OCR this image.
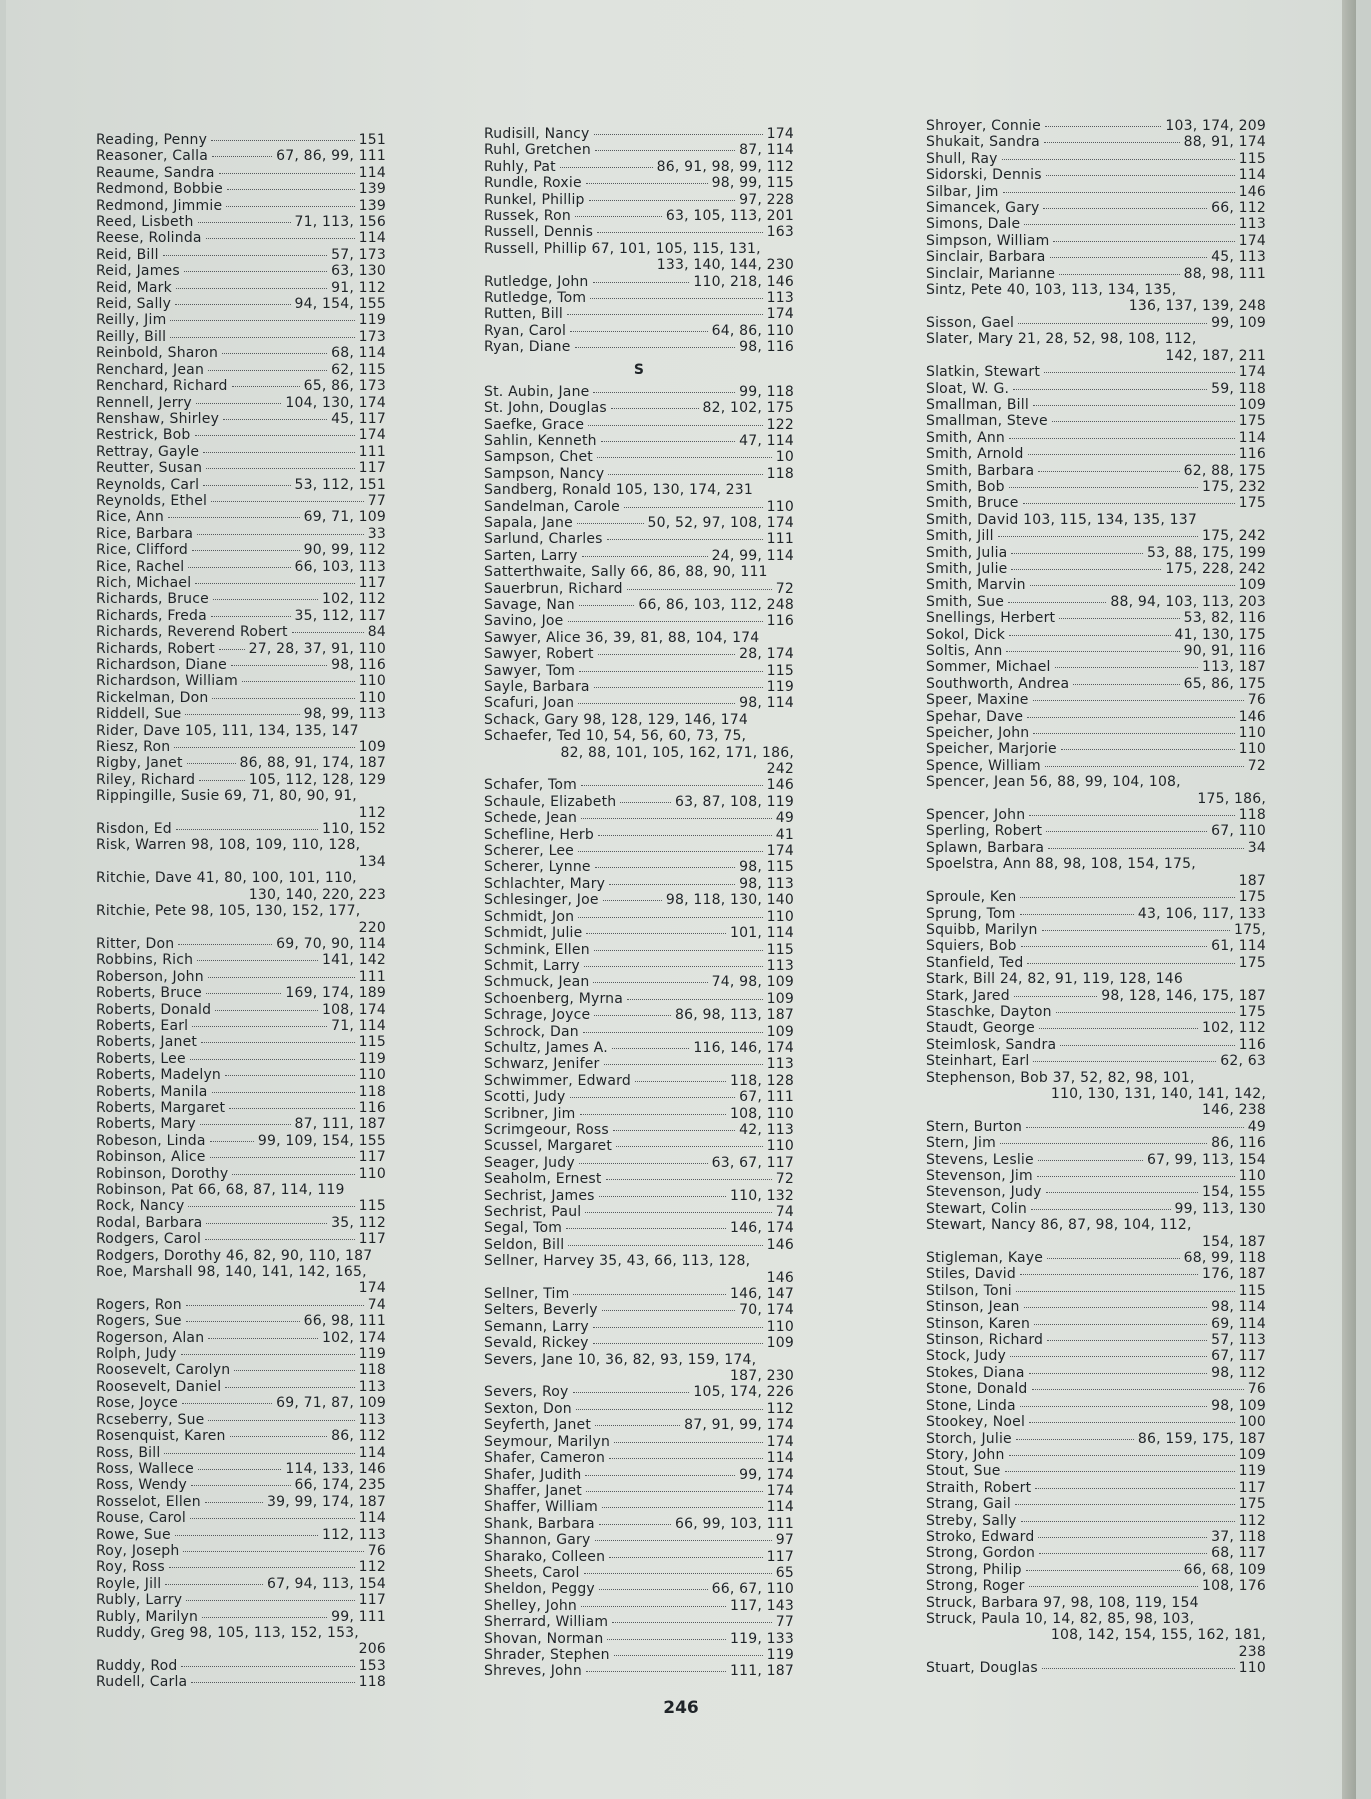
Reading, Penny	151
Reasoner, Calla	67, 86, 99, 111
Reaume, Sandra	114
Redmond, Bobbie	139
Redmond, Jimmie	139
Reed, Lisbeth	71, 113, 156
Reese, Rolinda	114
Reid, Bill	57, 173
Reid, James	63, 130
Reid, Mark	91, 112
Reid, Sally	94, 154, 155
Reilly, Jim	119
Reilly, Bill	173
Reinbold, Sharon	68, 114
Renchard, Jean	62, 115
Renchard, Richard	65, 86, 173
Rennell, Jerry	104, 130, 174
Renshaw, Shirley	45, 117
Restrick, Bob	174
Rettray, Gayle	111
Reutter, Susan	117
Reynolds, Carl	53, 112, 151
Reynolds, Ethel	77
Rice, Ann	69, 71, 109
Rice, Barbara	33
Rice, Clifford	90, 99, 112
Rice, Rachel	66, 103, 113
Rich, Michael	117
Richards, Bruce	102, 112
Richards, Freda	35, 112, 117
Richards, Reverend Robert	84
Richards, Robert 27, 28, 37, 91, 110
Richardson, Diane	98, 116
Richardson, William	110
Rickelman, Don	110
Riddell, Sue	98, 99, 113
Rider, Dave 105, 111, 134, 135, 147
Riesz, Ron	109
Rigby, Janet	86, 88, 91, 174, 187
Riley, Richard	105, 112, 128, 129
Rippingille, Susie 69, 71, 80, 90, 91,
112
Risdon, Ed	110, 152
Risk, Warren 98, 108, 109, 110, 128,
134
Ritchie, Dave 41, 80, 100, 101, 110,
130, 140, 220, 223
Ritchie, Pete 98, 105, 130, 152, 177,
220
Ritter, Don	69, 70, 90, 114
Robbins, Rich	141, 142
Roberson, John	111
Roberts, Bruce	169, 174, 189
Roberts, Donald	108, 174
Roberts, Earl	71, 114
Roberts, Janet	115
Roberts, Lee	119
Roberts, Madelyn	110
Roberts, Manila	118
Roberts, Margaret	116
Roberts, Mary	87, 111, 187
Robeson, Linda	99, 109, 154, 155
Robinson, Alice	117
Robinson, Dorothy	110
Robinson, Pat 66, 68, 87, 114, 119
Rock, Nancy	115
Rodal, Barbara	35, 112
Rodgers, Carol	117
Rodgers, Dorothy 46, 82, 90, 110, 187
Roe, Marshall 98, 140, 141, 142, 165,
174
Rogers, Ron	74
Rogers, Sue	66, 98, 111
Rogerson, Alan	102, 174
Rolph, Judy	119
Roosevelt, Carolyn	118
Roosevelt, Daniel	113
Rose, Joyce	69, 71, 87, 109
Rcseberry, Sue	113
Rosenquist, Karen	86, 112
Ross, Bill	114
Ross, Wallece	114, 133, 146
Ross, Wendy	66, 174, 235
Rosselot, Ellen	39, 99, 174, 187
Rouse, Carol	114
Rowe, Sue	112, 113
Roy, Joseph	76
Roy, Ross	112
Royle, Jill	67, 94, 113, 154
Rubly, Larry	117
Rubly, Marilyn	99, 111
Ruddy, Greg 98, 105, 113, 152, 153,
206
Ruddy, Rod	153
Rudell, Carla	118
Rudisill, Nancy	174
Ruhl, Gretchen	87, 114
Ruhly, Pat	86, 91, 98, 99, 112
Rundle, Roxie	98, 99, 115
Runkel, Phillip	97, 228
Russek, Ron	63, 105, 113, 201
Russell, Dennis	163
Russell, Phillip 67, 101, 105, 115, 131,
133, 140, 144, 230
Rutledge, John	110, 218, 146
Rutledge, Tom	113
Rutten, Bill	174
Ryan, Carol	64, 86, 110
Ryan, Diane	98, 116
S
St. Aubin, Jane	99, 118
St. John, Douglas	82, 102, 175
Saefke, Grace	122
Sahlin, Kenneth	47, 114
Sampson, Chet	10
Sampson, Nancy	118
Sandberg, Ronald 105, 130, 174, 231
Sandelman, Carole	110
Sapala, Jane	50, 52, 97, 108, 174
Sarlund, Charles	111
Sarten, Larry	24, 99, 114
Satterthwaite, Sally 66, 86, 88, 90, 111
Sauerbrun, Richard	72
Savage, Nan	66, 86, 103, 112, 248
Savino, Joe	116
Sawyer, Alice 36, 39, 81, 88, 104, 174
Sawyer, Robert	28, 174
Sawyer, Tom	115
Sayle, Barbara	119
Scafuri, Joan	98, 114
Schack, Gary 98, 128, 129, 146, 174
Schaefer, Ted 10, 54, 56, 60, 73, 75,
82, 88, 101, 105, 162, 171, 186,
242
Schafer, Tom	146
Schaule, Elizabeth	63, 87, 108, 119
Schede, Jean	49
Schefline, Herb	41
Scherer, Lee	174
Scherer, Lynne	98, 115
Schlachter, Mary	98, 113
Schlesinger, Joe	98, 118, 130, 140
Schmidt, Jon	110
Schmidt, Julie	101, 114
Schmink, Ellen	115
Schmit, Larry	113
Schmuck, Jean	74, 98, 109
Schoenberg, Myrna	109
Schrage, Joyce	86, 98, 113, 187
Schrock, Dan	109
Schultz, James A.	116, 146, 174
Schwarz, Jenifer	113
Schwimmer, Edward	118, 128
Scotti, Judy	67, 111
Scribner, Jim	108, 110
Scrimgeour, Ross	42, 113
Scussel, Margaret	110
Seager, Judy	63, 67, 117
Seaholm, Ernest	72
Sechrist, James	110, 132
Sechrist, Paul	74
Segal, Tom	146, 174
Seldon, Bill	146
Sellner, Harvey 35, 43, 66, 113, 128,
146
Sellner, Tim	146, 147
Selters, Beverly	70, 174
Semann, Larry	110
Sevald, Rickey	109
Severs, Jane 10, 36, 82, 93, 159, 174,
187, 230
Severs, Roy	105, 174, 226
Sexton, Don	112
Seyferth, Janet	87, 91, 99, 174
Seymour, Marilyn	174
Shafer, Cameron	114
Shafer, Judith	99, 174
Shaffer, Janet	174
Shaffer, William	114
Shank, Barbara	66, 99, 103, 111
Shannon, Gary	97
Sharako, Colleen	117
Sheets, Carol	65
Sheldon, Peggy	66, 67, 110
Shelley, John	117, 143
Sherrard, William	77
Shovan, Norman	119, 133
Shrader, Stephen	119
Shreves, John	111, 187
Shroyer, Connie	103, 174, 209
Shukait, Sandra	88, 91, 174
Shull, Ray	115
Sidorski, Dennis	114
Silbar, Jim	146
Simancek, Gary	66, 112
Simons, Dale	113
Simpson, William	174
Sinclair, Barbara	45, 113
Sinclair, Marianne	88, 98, 111
Sintz, Pete 40, 103, 113, 134, 135,
136, 137, 139, 248
Sisson, Gael	99, 109
Slater, Mary 21, 28, 52, 98, 108, 112,
142, 187, 211
Slatkin, Stewart	174
Sloat, W. G.	59, 118
Smallman, Bill	109
Smallman, Steve	175
Smith, Ann	114
Smith, Arnold	116
Smith, Barbara	62, 88, 175
Smith, Bob	175, 232
Smith, Bruce	175
Smith, David 103, 115, 134, 135, 137
Smith, Jill	175, 242
Smith, Julia	53, 88, 175, 199
Smith, Julie	175, 228, 242
Smith, Marvin	109
Smith, Sue	88, 94, 103, 113, 203
Snellings, Herbert	53, 82, 116
Sokol, Dick	41, 130, 175
Soltis, Ann	90, 91, 116
Sommer, Michael	113, 187
Southworth, Andrea	65, 86, 175
Speer, Maxine	76
Spehar, Dave	146
Speicher, John	110
Speicher, Marjorie	110
Spence, William	72
Spencer, Jean 56, 88, 99, 104, 108,
175, 186,
Spencer, John	118
Sperling, Robert	67, 110
Splawn, Barbara	34
Spoelstra, Ann 88, 98, 108, 154, 175,
187
Sproule, Ken	175
Sprung, Tom	43, 106, 117, 133
Squibb, Marilyn	175,
Squiers, Bob	61, 114
Stanfield, Ted	175
Stark, Bill 24, 82, 91, 119, 128, 146
Stark, Jared	98, 128, 146, 175, 187
Staschke, Dayton	175
Staudt, George	102, 112
Steimlosk, Sandra	116
Steinhart, Earl	62, 63
Stephenson, Bob 37, 52, 82, 98, 101,
110, 130, 131, 140, 141, 142,
146, 238
Stern, Burton	49
Stern, Jim	86, 116
Stevens, Leslie	67, 99, 113, 154
Stevenson, Jim	110
Stevenson, Judy	154, 155
Stewart, Colin	99, 113, 130
Stewart, Nancy 86, 87, 98, 104, 112,
154, 187
Stigleman, Kaye	68, 99, 118
Stiles, David	176, 187
Stilson, Toni	115
Stinson, Jean	98, 114
Stinson, Karen	69, 114
Stinson, Richard	57, 113
Stock, Judy	67, 117
Stokes, Diana	98, 112
Stone, Donald	76
Stone, Linda	98, 109
Stookey, Noel	100
Storch, Julie	86, 159, 175, 187
Story, John	109
Stout, Sue	119
Straith, Robert	117
Strang, Gail	175
Streby, Sally	112
Stroko, Edward	37, 118
Strong, Gordon	68, 117
Strong, Philip	66, 68, 109
Strong, Roger	108, 176
Struck, Barbara 97, 98, 108, 119, 154
Struck, Paula 10, 14, 82, 85, 98, 103,
108, 142, 154, 155, 162, 181,
238
Stuart, Douglas	110
246
